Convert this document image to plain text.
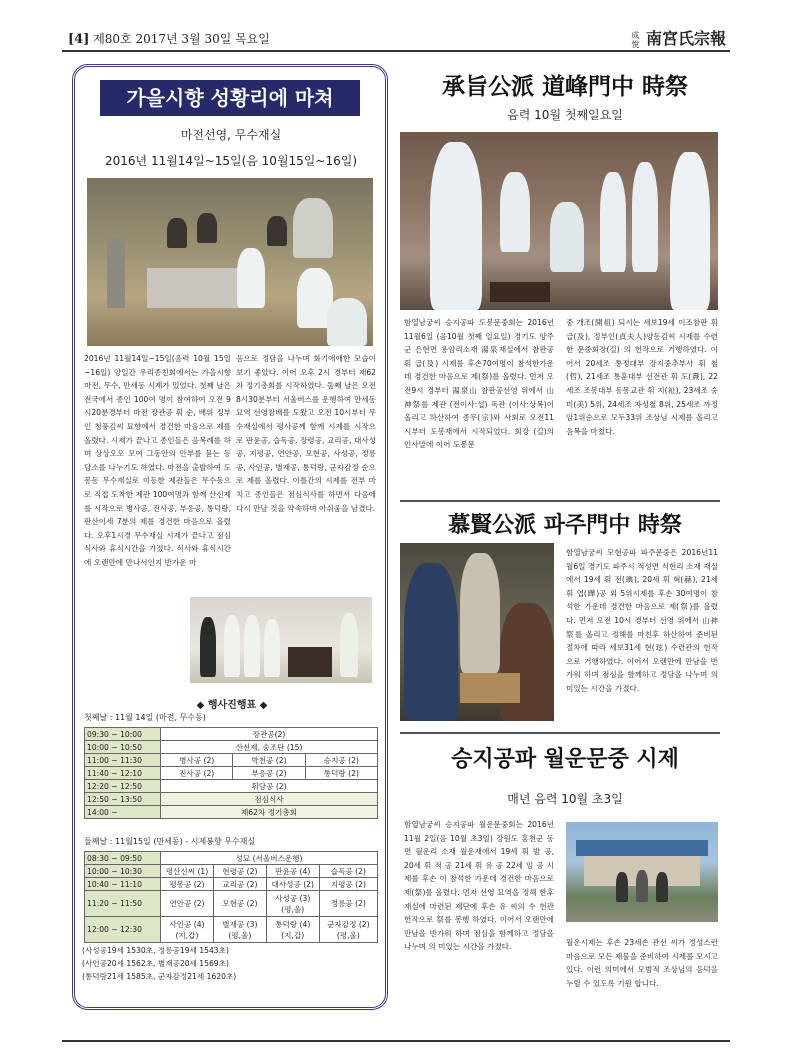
[4] 제80호 2017년 3월 30일 목요일	成 悅 南宮氏宗報
가을시향 성황리에 마쳐
마전선영, 무수재실
2016년 11월14일~15일(음 10월15일~16일)
2016년 11월14일~15일(음력 10월 15일~16일) 양일간 우리종친회에서는 가을시향 마전, 무수, 만세동 시제가 있었다. 첫째 날은 전국에서 종인 100여 명이 참여하여 오전 9시20분경부터 마전 장관공 휘 순, 배위 정부인 청풍김씨 묘향에서 경건한 마음으로 제를 올렸다. 시제가 끝나고 종인들은 음복례를 하며 상상오오 모여 그동안의 안부를 묻는 등 담소를 나누기도 하였다. 마전을 출발하여 도봉동 무수재실로 이동한 제관들은 무수동으로 직접 도착한 제관 100여명과 함께 산신제를 시작으로 병사공, 진사공, 부응공, 통덕랑, 판산이세 7분의 제를 경건한 마음으로 올렸다. 오후1시경 무수재실 시제가 끝나고 점심식사와 휴식시간을 가졌다. 식사와 휴식시간에 오랜만에 만나서인지 반가운 마
음으로 정담을 나누며 화기애애한 모습이 보기 좋았다. 이어 오후 2시 경부터 제62차 정기총회를 시작하였다. 둘째 날은 오전 8시30분부터 서울버스를 운행하여 만세동 묘역 선영참배를 도왔고 오전 10시부터 무수재실에서 평사공께 함께 시제를 시작으로 판윤공, 습독공, 장령공, 교리공, 대사성공, 지평공, 연안공, 모현공, 사성공, 정릉공, 사인공, 별재공, 통덕랑, 군자감정 순으로 제를 올렸다. 이틀간의 시제를 전부 마치고 종인들은 점심식사를 하면서 다음에 다시 만날 것을 약속하며 아쉬움을 남겼다.
◆ 행사진행표 ◆
첫째날 : 11월 14일 (마전, 무수동)
09:30 ~ 10:00	장관공(2)		
10:00 ~ 10:50	산신제, 숭조단 (15)		
11:00 ~ 11:30	병사공 (2)	박천공 (2)	승지공 (2)
11:40 ~ 12:10	진사공 (2)	부응공 (2)	통덕랑 (2)
12:20 ~ 12:50	휘당공 (2)		
12:50 ~ 13:50	점심식사		
14:00 ~	제62차 정기총회		
둘째날 : 11월15일 (만세동) - 시제봉향 무수재실
08:30 ~ 09:50	성묘 (서울버스운행)			
10:00 ~ 10:30	평산신씨 (1)	현령공 (2)	판윤공 (4)	습독공 (2)
10:40 ~ 11:10	평봉공 (2)	교리공 (2)	대사성공 (2)	지평공 (2)
11:20 ~ 11:50	연안공 (2)	모현공 (2)	사성공 (3) (평,울)	정릉공 (2)
12:00 ~ 12:30	사인공 (4) (지,갑)	별재공 (3) (평,울)	통덕랑 (4) (지,갑)	군자감정 (2) (평,울)
(사성공19세 1530초, 정릉공19세 1543초)
(사인공20세 1562초, 별재공20세 1569초)
(통덕랑21세 1585초, 군자감정21세 1620초)
承旨公派 道峰門中 時祭
음력 10월 첫째일요일
함열남궁씨 승지공파 도봉문중회는 2016년11월6일 (음10월 첫째 일요일) 경기도 양주군 은현면 용암리소재 湯泉재실에서 참판공 휘 급(及) 시제를 후손70여명이 참석한가운데 경건한 마음으로 제(祭)를 올렸다. 먼저 오전9시 경부터 湯泉山 참판공선영 위에서 山神祭를 제관 (전이사:섭) 독관 (이사:상복)이 올리고 하산하여 종무(宗)와 사회로 오전11시부터 도봉재에서 시작되었다. 회장 (길)의 인사말에 이어 도봉문
중 개조(開祖) 되시는 세보19세 이조참판 휘 급(及), 정부인(貞夫人)양동김씨 시제를 수련한 문중회장(길) 의 헌작으로 거행하였다. 이어서 20세조 통정대부 장지중추부사 휘 철(哲), 21세조 통훈대부 선전관 휘 도(燾), 22세조 조봉대부 동몽교관 휘 지(祉), 23세조 숭미(美) 5위, 24세조 자성철 8위, 25세조 까정암1위순으로 모두33위 조상님 시제를 올리고 음복을 마쳤다.
慕賢公派 파주門中 時祭
함열남궁씨 모현공파 파주문중은 2016년11월6일 경기도 파주시 적성면 식현리 소재 재실에서 19세 휘 전(琠), 20세 휘 혁(赫), 21세 휘 엽(曄)공 외 5위시제를 후손 30여명이 참석한 가운데 경건한 마음으로 제(祭)를 올렸다. 먼저 오전 10시 경부터 선영 위에서 山神祭를 올리고 정해를 마친후 하산하여 준비된 절차에 따라 세보31세 현(玹) 수련관의 헌작으로 거행하였다. 이어서 오랜만에 만남을 반가워 하며 점심을 함께하고 정담을 나누며 의미있는 시간을 가졌다.
승지공파 월운문중 시제
매년 음력 10월 초3일
함열남궁씨 승지공파 월운문중회는 2016년 11월 2일(음 10월 초3일) 강원도 홍천군 동면 월운리 소재 월운재에서 19세 휘 발 공, 20세 휘 적 공 21세 휘 유 공 22세 임 공 시제를 후손 이 참석한 가운데 경건한 마음으로 제(祭)를 올렸다. 먼저 선영 묘역을 정해 한후 재실에 마련된 제단에 후손 유 씨의 수 헌관 헌작으로 祭를 봉행 하였다. 이어서 오랜만에 만남을 반가워 하며 점심을 함께하고 정담을 나누며 의 미있는 시간을 가졌다.	월운시제는 후손 23세손 관선 씨가 정성스런 마음으로 모든 제물을 준비하여 시제를 모시고 있다. 이런 의미에서 모범적 조상님의 음덕을 누릴 수 있도록 기원 합니다.
